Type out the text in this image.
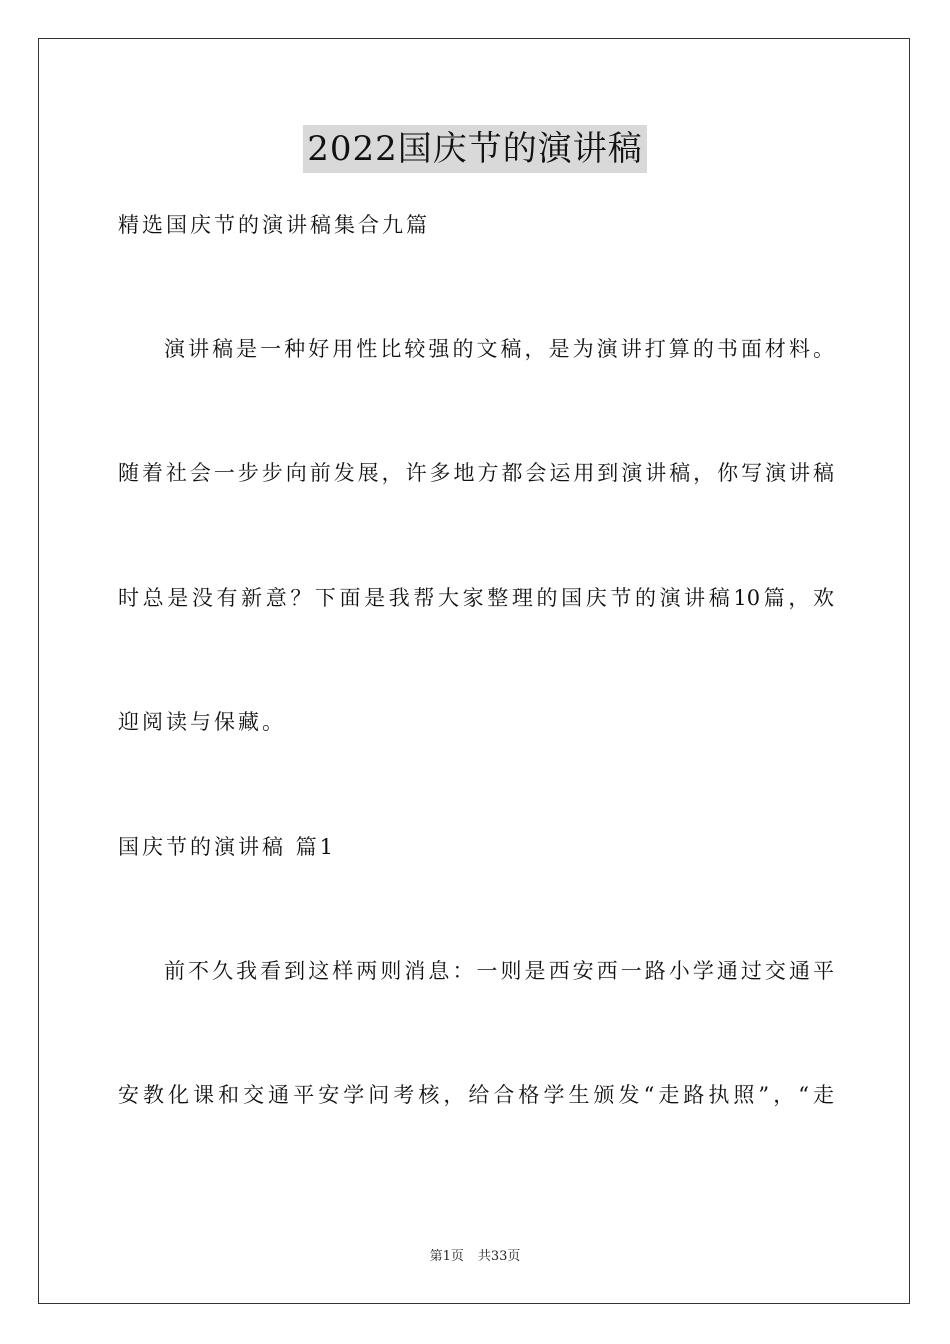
2022国庆节的演讲稿
精选国庆节的演讲稿集合九篇
演讲稿是一种好用性比较强的文稿，是为演讲打算的书面材料。
随着社会一步步向前发展，许多地方都会运用到演讲稿，你写演讲稿
时总是没有新意？下面是我帮大家整理的国庆节的演讲稿10篇，欢
迎阅读与保藏。
国庆节的演讲稿 篇1
前不久我看到这样两则消息：一则是西安西一路小学通过交通平
安教化课和交通平安学问考核，给合格学生颁发“走路执照”，“走
第1页 共33页
